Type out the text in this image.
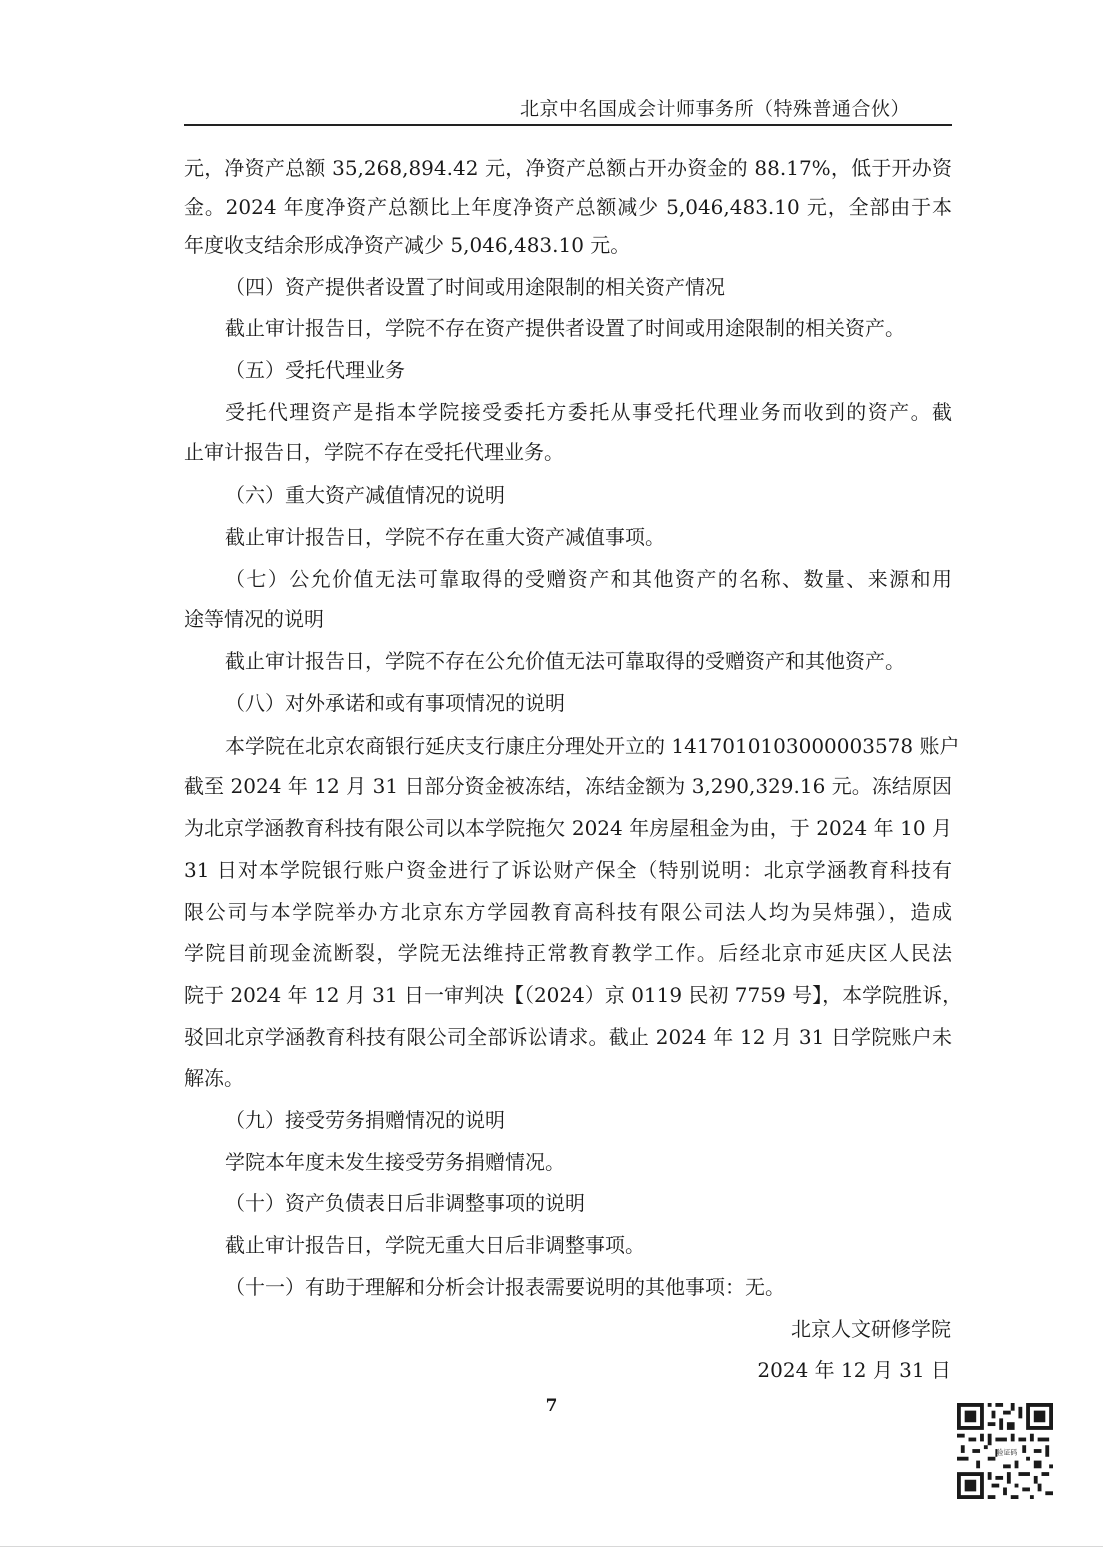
北京中名国成会计师事务所（特殊普通合伙）
元，净资产总额 35,268,894.42 元，净资产总额占开办资金的 88.17%，低于开办资
金。2024 年度净资产总额比上年度净资产总额减少 5,046,483.10 元，全部由于本
年度收支结余形成净资产减少 5,046,483.10 元。
（四）资产提供者设置了时间或用途限制的相关资产情况
截止审计报告日，学院不存在资产提供者设置了时间或用途限制的相关资产。
（五）受托代理业务
受托代理资产是指本学院接受委托方委托从事受托代理业务而收到的资产。截
止审计报告日，学院不存在受托代理业务。
（六）重大资产减值情况的说明
截止审计报告日，学院不存在重大资产减值事项。
（七）公允价值无法可靠取得的受赠资产和其他资产的名称、数量、来源和用
途等情况的说明
截止审计报告日，学院不存在公允价值无法可靠取得的受赠资产和其他资产。
（八）对外承诺和或有事项情况的说明
本学院在北京农商银行延庆支行康庄分理处开立的 1417010103000003578 账户
截至 2024 年 12 月 31 日部分资金被冻结，冻结金额为 3,290,329.16 元。冻结原因
为北京学涵教育科技有限公司以本学院拖欠 2024 年房屋租金为由，于 2024 年 10 月
31 日对本学院银行账户资金进行了诉讼财产保全（特别说明：北京学涵教育科技有
限公司与本学院举办方北京东方学园教育高科技有限公司法人均为吴炜强），造成
学院目前现金流断裂，学院无法维持正常教育教学工作。后经北京市延庆区人民法
院于 2024 年 12 月 31 日一审判决【（2024）京 0119 民初 7759 号】，本学院胜诉，
驳回北京学涵教育科技有限公司全部诉讼请求。截止 2024 年 12 月 31 日学院账户未
解冻。
（九）接受劳务捐赠情况的说明
学院本年度未发生接受劳务捐赠情况。
（十）资产负债表日后非调整事项的说明
截止审计报告日，学院无重大日后非调整事项。
（十一）有助于理解和分析会计报表需要说明的其他事项：无。
北京人文研修学院
2024 年 12 月 31 日
7
验证码
